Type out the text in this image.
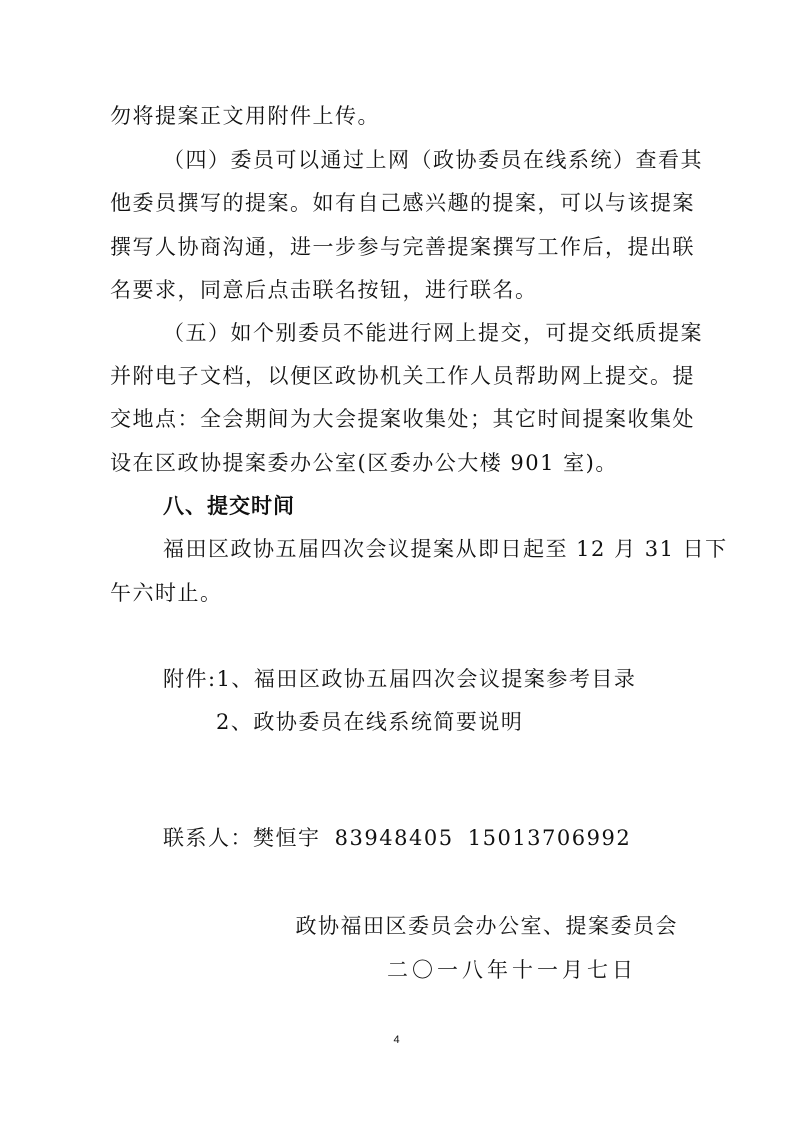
勿将提案正文用附件上传。
（四）委员可以通过上网（政协委员在线系统）查看其
他委员撰写的提案。如有自己感兴趣的提案，可以与该提案
撰写人协商沟通，进一步参与完善提案撰写工作后，提出联
名要求，同意后点击联名按钮，进行联名。
（五）如个别委员不能进行网上提交，可提交纸质提案
并附电子文档，以便区政协机关工作人员帮助网上提交。提
交地点：全会期间为大会提案收集处；其它时间提案收集处
设在区政协提案委办公室(区委办公大楼 901 室)。
八、提交时间
福田区政协五届四次会议提案从即日起至 12 月 31 日下
午六时止。
附件:1、福田区政协五届四次会议提案参考目录
2、政协委员在线系统简要说明
联系人：樊恒宇 83948405 15013706992
政协福田区委员会办公室、提案委员会
二〇一八年十一月七日
4
